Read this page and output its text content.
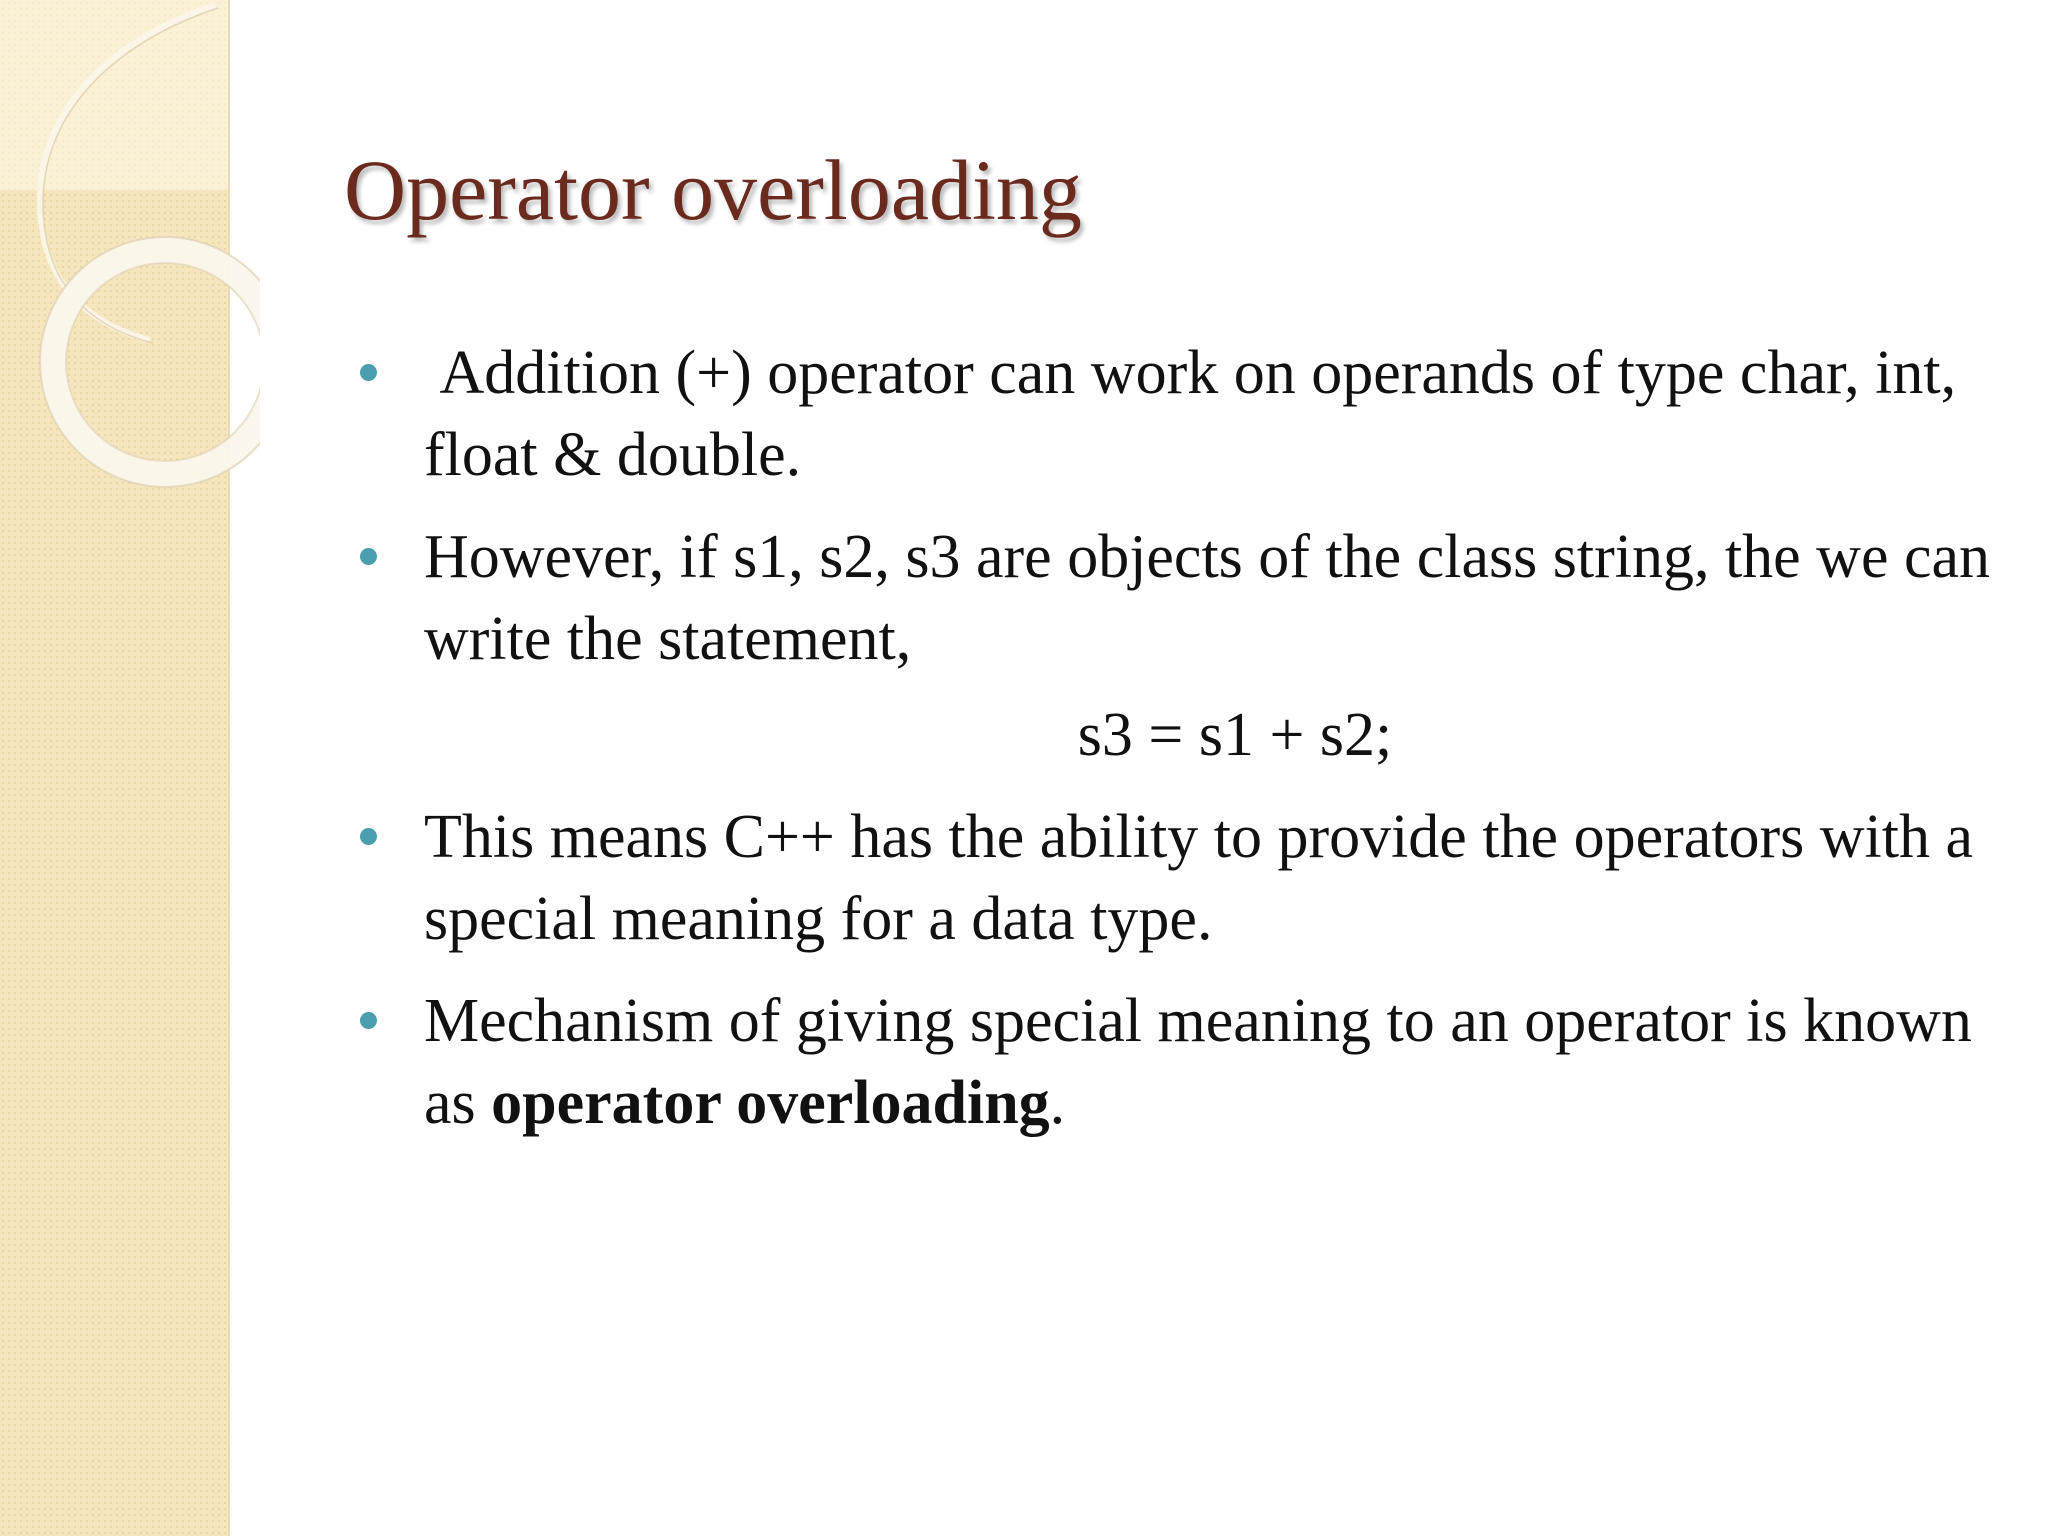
Operator overloading
Addition (+) operator can work on operands of type char, int, float & double.
However, if s1, s2, s3 are objects of the class string, the we can write the statement,
s3 = s1 + s2;
This means C++ has the ability to provide the operators with a special meaning for a data type.
Mechanism of giving special meaning to an operator is known as operator overloading.
